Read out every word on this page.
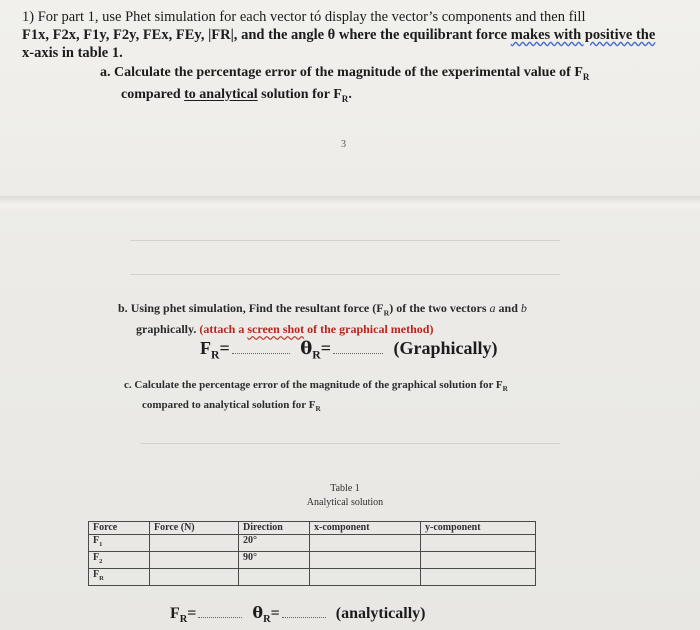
1) For part 1, use Phet simulation for each vector tó display the vector’s components and then fill
F1x, F2x, F1y, F2y, FEx, FEy, |FR|, and the angle θ where the equilibrant force makes with positive the
x-axis in table 1.
a. Calculate the percentage error of the magnitude of the experimental value of $F_R$
compared to analytical solution for $F_R$.
3
b. Using phet simulation, Find the resultant force $(F_R)$ of the two vectors a and b
graphically. (attach a screen shot of the graphical method)
$F_R=$	$\theta_R=$	(Graphically)
c. Calculate the percentage error of the magnitude of the graphical solution for $F_R$
compared to analytical solution for $F_R$
Table 1
Analytical solution
Force	Force (N)	Direction	x-component	y-component
$F_1$		20°		
$F_2$		90°		
$F_R$				
$F_R=$	$\theta_R=$	(analytically)
